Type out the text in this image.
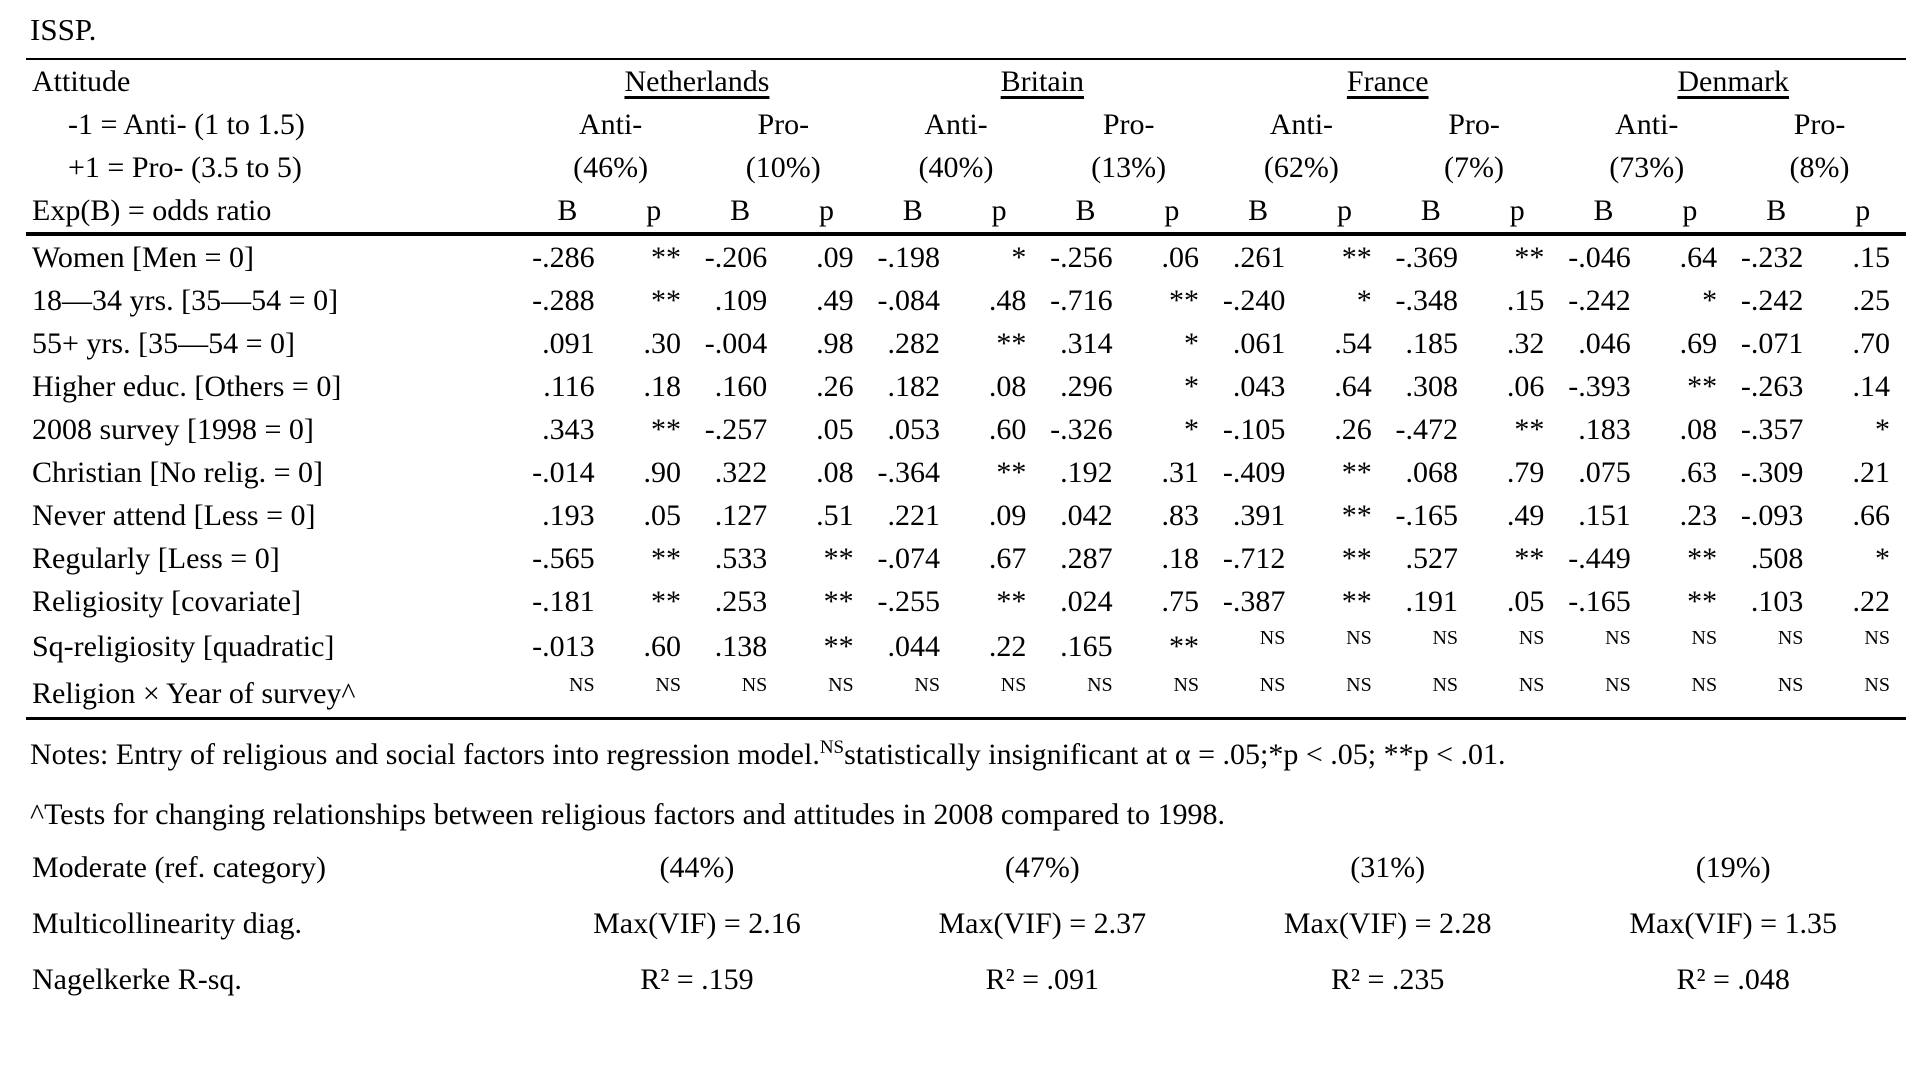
ISSP.
Attitude	Netherlands				Britain				France				Denmark			
-1 = Anti- (1 to 1.5)	Anti-		Pro-		Anti-		Pro-		Anti-		Pro-		Anti-		Pro-	
+1 = Pro- (3.5 to 5)	(46%)		(10%)		(40%)		(13%)		(62%)		(7%)		(73%)		(8%)	
Exp(B) = odds ratio	B	p	B	p	B	p	B	p	B	p	B	p	B	p	B	p
Women [Men = 0]	-.286	**	-.206	.09	-.198	*	-.256	.06	.261	**	-.369	**	-.046	.64	-.232	.15
18—34 yrs. [35—54 = 0]	-.288	**	.109	.49	-.084	.48	-.716	**	-.240	*	-.348	.15	-.242	*	-.242	.25
55+ yrs. [35—54 = 0]	.091	.30	-.004	.98	.282	**	.314	*	.061	.54	.185	.32	.046	.69	-.071	.70
Higher educ. [Others = 0]	.116	.18	.160	.26	.182	.08	.296	*	.043	.64	.308	.06	-.393	**	-.263	.14
2008 survey [1998 = 0]	.343	**	-.257	.05	.053	.60	-.326	*	-.105	.26	-.472	**	.183	.08	-.357	*
Christian [No relig. = 0]	-.014	.90	.322	.08	-.364	**	.192	.31	-.409	**	.068	.79	.075	.63	-.309	.21
Never attend [Less = 0]	.193	.05	.127	.51	.221	.09	.042	.83	.391	**	-.165	.49	.151	.23	-.093	.66
Regularly [Less = 0]	-.565	**	.533	**	-.074	.67	.287	.18	-.712	**	.527	**	-.449	**	.508	*
Religiosity [covariate]	-.181	**	.253	**	-.255	**	.024	.75	-.387	**	.191	.05	-.165	**	.103	.22
Sq-religiosity [quadratic]	-.013	.60	.138	**	.044	.22	.165	**	NS	NS	NS	NS	NS	NS	NS	NS
Religion × Year of survey^	NS	NS	NS	NS	NS	NS	NS	NS	NS	NS	NS	NS	NS	NS	NS	NS
Notes: Entry of religious and social factors into regression model.$^{NS}$statistically insignificant at α = .05;*p < .05; **p < .01.																
^Tests for changing relationships between religious factors and attitudes in 2008 compared to 1998.																
Moderate (ref. category)	(44%)				(47%)				(31%)				(19%)			
Multicollinearity diag.	Max(VIF) = 2.16				Max(VIF) = 2.37				Max(VIF) = 2.28				Max(VIF) = 1.35			
Nagelkerke R-sq.	R² = .159				R² = .091				R² = .235				R² = .048			
